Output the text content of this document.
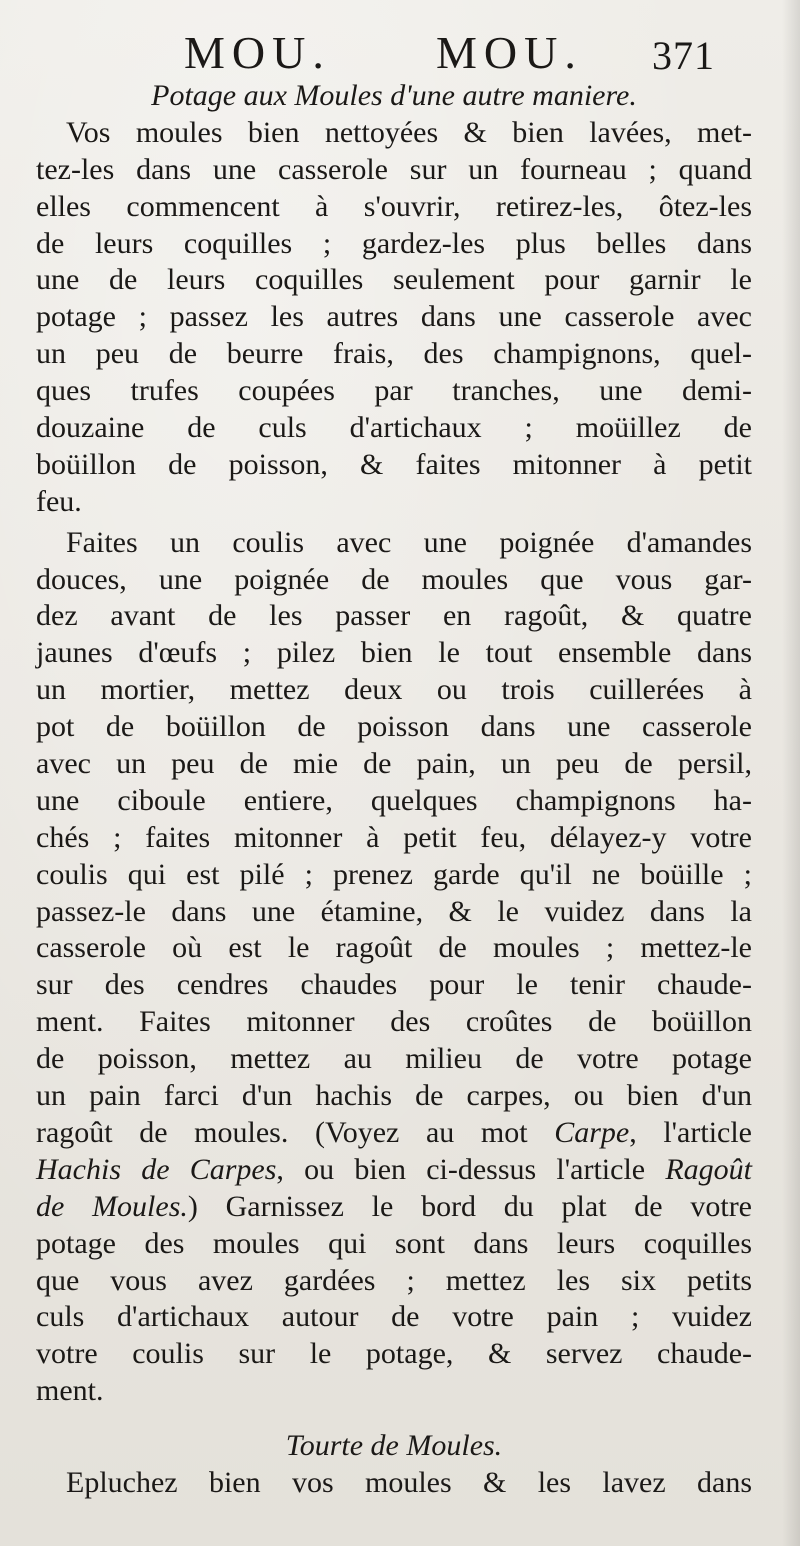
MOU. MOU. 371
Potage aux Moules d'une autre maniere.
Vos moules bien nettoyées & bien lavées, met-
tez-les dans une casserole sur un fourneau ; quand
elles commencent à s'ouvrir, retirez-les, ôtez-les
de leurs coquilles ; gardez-les plus belles dans
une de leurs coquilles seulement pour garnir le
potage ; passez les autres dans une casserole avec
un peu de beurre frais, des champignons, quel-
ques trufes coupées par tranches, une demi-
douzaine de culs d'artichaux ; moüillez de
boüillon de poisson, & faites mitonner à petit
feu.
Faites un coulis avec une poignée d'amandes
douces, une poignée de moules que vous gar-
dez avant de les passer en ragoût, & quatre
jaunes d'œufs ; pilez bien le tout ensemble dans
un mortier, mettez deux ou trois cuillerées à
pot de boüillon de poisson dans une casserole
avec un peu de mie de pain, un peu de persil,
une ciboule entiere, quelques champignons ha-
chés ; faites mitonner à petit feu, délayez-y votre
coulis qui est pilé ; prenez garde qu'il ne boüille ;
passez-le dans une étamine, & le vuidez dans la
casserole où est le ragoût de moules ; mettez-le
sur des cendres chaudes pour le tenir chaude-
ment. Faites mitonner des croûtes de boüillon
de poisson, mettez au milieu de votre potage
un pain farci d'un hachis de carpes, ou bien d'un
ragoût de moules. (Voyez au mot Carpe, l'article
Hachis de Carpes, ou bien ci-dessus l'article Ragoût
de Moules.) Garnissez le bord du plat de votre
potage des moules qui sont dans leurs coquilles
que vous avez gardées ; mettez les six petits
culs d'artichaux autour de votre pain ; vuidez
votre coulis sur le potage, & servez chaude-
ment.
Tourte de Moules.
Epluchez bien vos moules & les lavez dans
